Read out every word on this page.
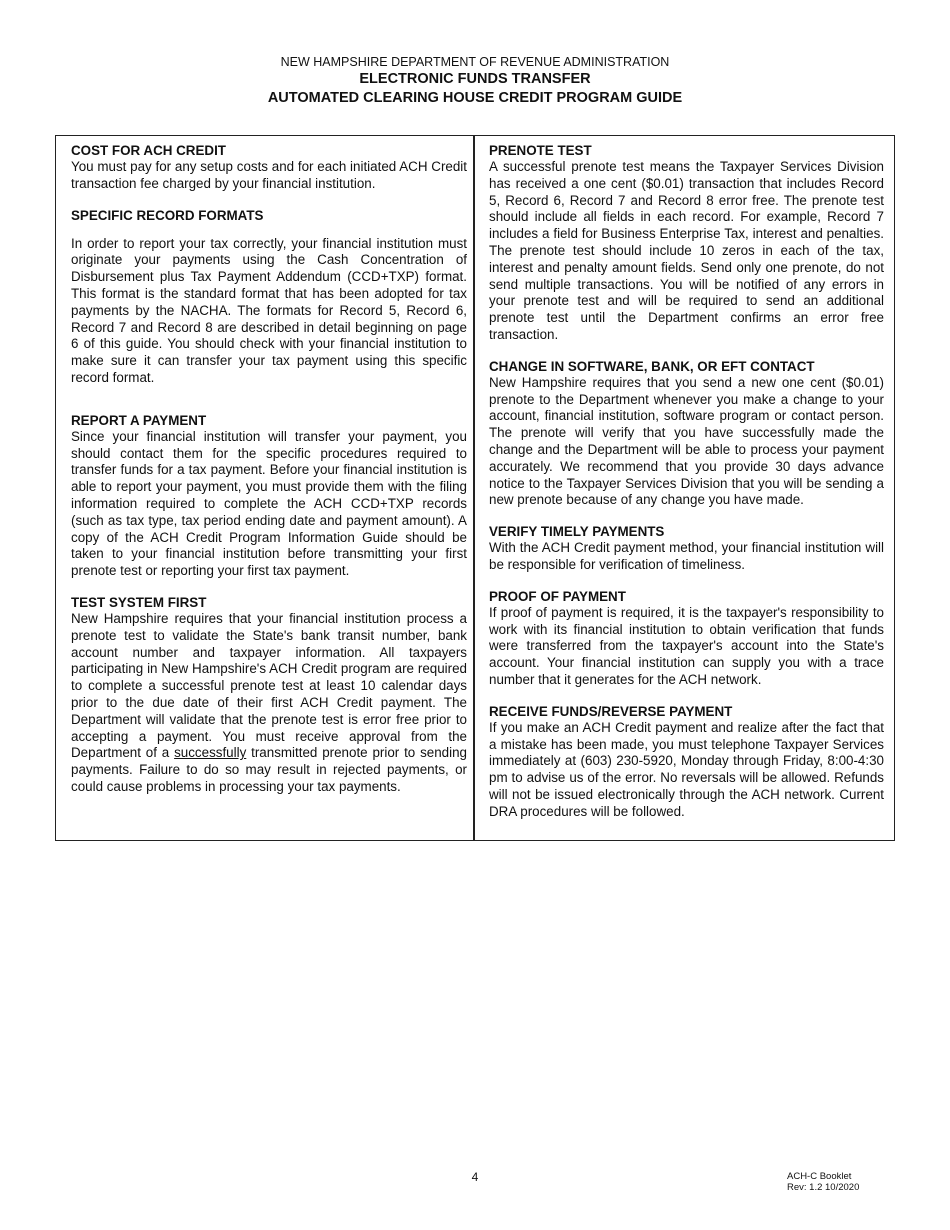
NEW HAMPSHIRE DEPARTMENT OF REVENUE ADMINISTRATION
ELECTRONIC FUNDS TRANSFER
AUTOMATED CLEARING HOUSE CREDIT PROGRAM GUIDE
COST FOR ACH CREDIT

You must pay for any setup costs and for each initiated ACH Credit transaction fee charged by your financial institution.

SPECIFIC RECORD FORMATS

In order to report your tax correctly, your financial institution must originate your payments using the Cash Concentration of Disbursement plus Tax Payment Addendum (CCD+TXP) format. This format is the standard format that has been adopted for tax payments by the NACHA. The formats for Record 5, Record 6, Record 7 and Record 8 are described in detail beginning on page 6 of this guide. You should check with your financial institution to make sure it can transfer your tax payment using this specific record format.

REPORT A PAYMENT

Since your financial institution will transfer your payment, you should contact them for the specific procedures required to transfer funds for a tax payment. Before your financial institution is able to report your payment, you must provide them with the filing information required to complete the ACH CCD+TXP records (such as tax type, tax period ending date and payment amount). A copy of the ACH Credit Program Information Guide should be taken to your financial institution before transmitting your first prenote test or reporting your first tax payment.

TEST SYSTEM FIRST

New Hampshire requires that your financial institution process a prenote test to validate the State's bank transit number, bank account number and taxpayer information. All taxpayers participating in New Hampshire's ACH Credit program are required to complete a successful prenote test at least 10 calendar days prior to the due date of their first ACH Credit payment. The Department will validate that the prenote test is error free prior to accepting a payment. You must receive approval from the Department of a successfully transmitted prenote prior to sending payments. Failure to do so may result in rejected payments, or could cause problems in processing your tax payments.

PRENOTE TEST

A successful prenote test means the Taxpayer Services Division has received a one cent ($0.01) transaction that includes Record 5, Record 6, Record 7 and Record 8 error free. The prenote test should include all fields in each record. For example, Record 7 includes a field for Business Enterprise Tax, interest and penalties. The prenote test should include 10 zeros in each of the tax, interest and penalty amount fields. Send only one prenote, do not send multiple transactions. You will be notified of any errors in your prenote test and will be required to send an additional prenote test until the Department confirms an error free transaction.

CHANGE IN SOFTWARE, BANK, OR EFT CONTACT

New Hampshire requires that you send a new one cent ($0.01) prenote to the Department whenever you make a change to your account, financial institution, software program or contact person. The prenote will verify that you have successfully made the change and the Department will be able to process your payment accurately. We recommend that you provide 30 days advance notice to the Taxpayer Services Division that you will be sending a new prenote because of any change you have made.

VERIFY TIMELY PAYMENTS

With the ACH Credit payment method, your financial institution will be responsible for verification of timeliness.

PROOF OF PAYMENT

If proof of payment is required, it is the taxpayer's responsibility to work with its financial institution to obtain verification that funds were transferred from the taxpayer's account into the State's account. Your financial institution can supply you with a trace number that it generates for the ACH network.

RECEIVE FUNDS/REVERSE PAYMENT

If you make an ACH Credit payment and realize after the fact that a mistake has been made, you must telephone Taxpayer Services immediately at (603) 230-5920, Monday through Friday, 8:00-4:30 pm to advise us of the error. No reversals will be allowed. Refunds will not be issued electronically through the ACH network. Current DRA procedures will be followed.

4	ACH-C Booklet
Rev: 1.2 10/2020
